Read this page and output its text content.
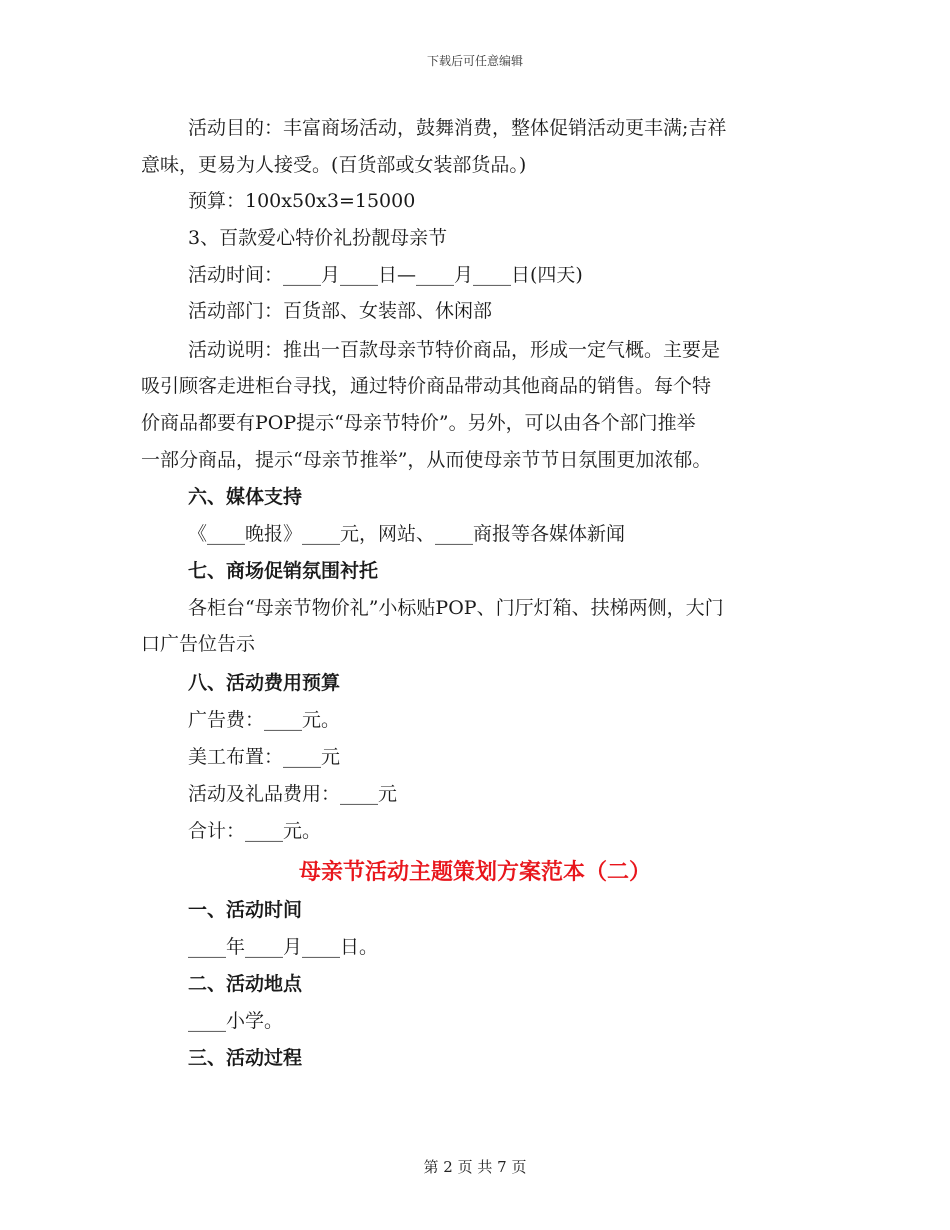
下载后可任意编辑
活动目的：丰富商场活动，鼓舞消费，整体促销活动更丰满;吉祥
意味，更易为人接受。(百货部或女装部货品。)
预算：100x50x3=15000
3、百款爱心特价礼扮靓母亲节
活动时间：____月____日—____月____日(四天)
活动部门：百货部、女装部、休闲部
活动说明：推出一百款母亲节特价商品，形成一定气概。主要是
吸引顾客走进柜台寻找，通过特价商品带动其他商品的销售。每个特
价商品都要有POP提示“母亲节特价”。另外，可以由各个部门推举
一部分商品，提示“母亲节推举”，从而使母亲节节日氛围更加浓郁。
六、媒体支持
《____晚报》____元，网站、____商报等各媒体新闻
七、商场促销氛围衬托
各柜台“母亲节物价礼”小标贴POP、门厅灯箱、扶梯两侧，大门
口广告位告示
八、活动费用预算
广告费：____元。
美工布置：____元
活动及礼品费用：____元
合计：____元。
母亲节活动主题策划方案范本（二）
一、活动时间
____年____月____日。
二、活动地点
____小学。
三、活动过程
第 2 页 共 7 页
